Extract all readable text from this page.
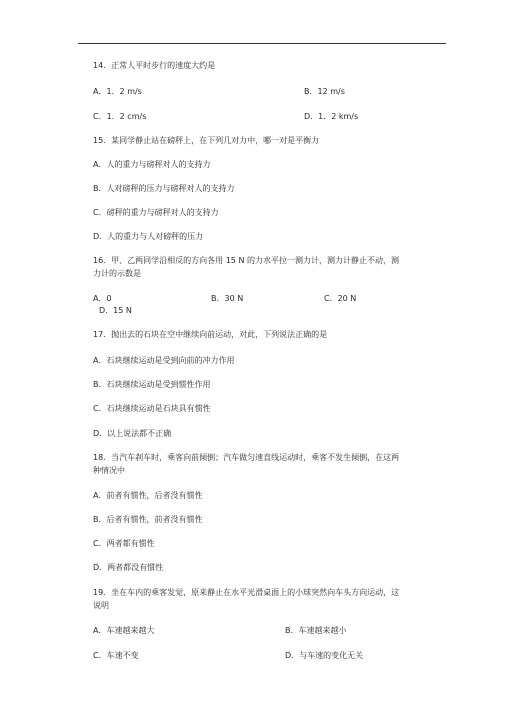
14．正常人平时步行的速度大约是
A．1．2 m/s	B．12 m/s
C．1．2 cm/s	D．1．2 km/s
15．某同学静止站在磅秤上，在下列几对力中，哪一对是平衡力
A．人的重力与磅秤对人的支持力
B．人对磅秤的压力与磅秤对人的支持力
C．磅秤的重力与磅秤对人的支持力
D．人的重力与人对磅秤的压力
16．甲、乙两同学沿相反的方向各用 15 N 的力水平拉一测力计，测力计静止不动，测
力计的示数是
A．0	B．30 N	C．20 N
D．15 N
17．抛出去的石块在空中继续向前运动，对此，下列说法正确的是
A．石块继续运动是受到向前的冲力作用
B．石块继续运动是受到惯性作用
C．石块继续运动是石块具有惯性
D．以上说法都不正确
18．当汽车刹车时，乘客向前倾倒；汽车做匀速直线运动时，乘客不发生倾倒，在这两
种情况中
A．前者有惯性，后者没有惯性
B．后者有惯性，前者没有惯性
C．两者都有惯性
D．两者都没有惯性
19．坐在车内的乘客发觉，原来静止在水平光滑桌面上的小球突然向车头方向运动，这
说明
A．车速越来越大	B．车速越来越小
C．车速不变	D．与车速的变化无关
